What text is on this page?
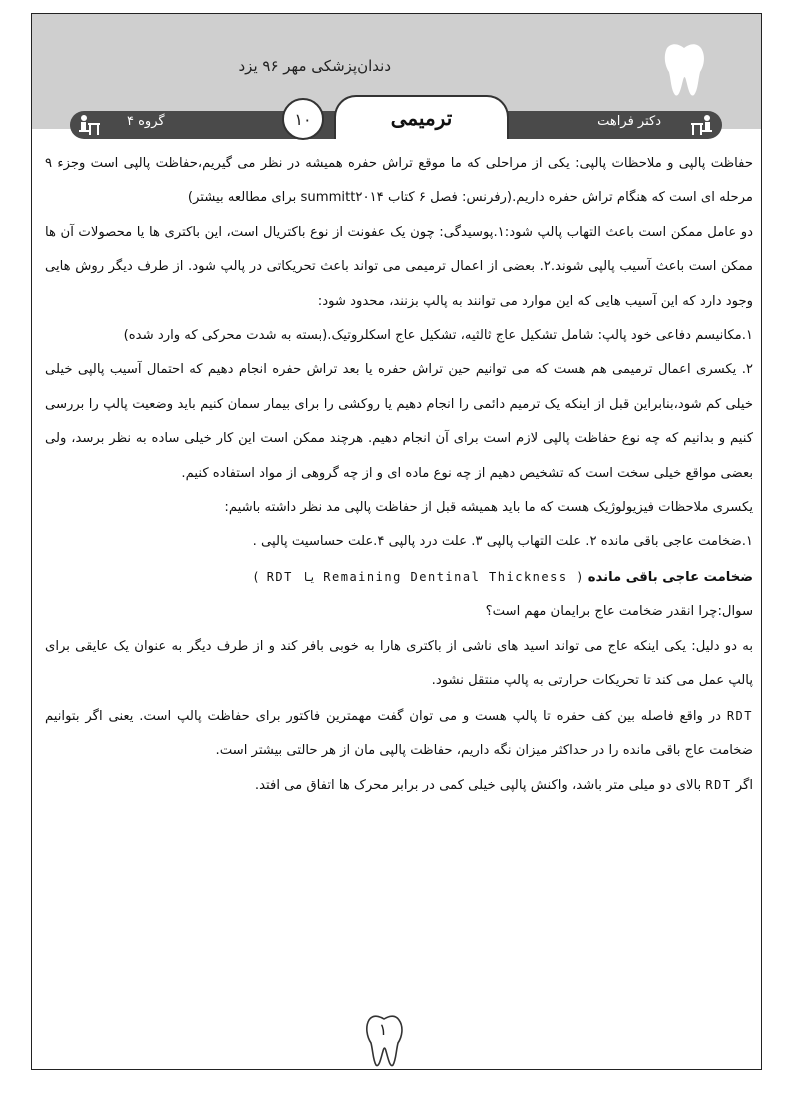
دندان‌پزشکی مهر ۹۶ یزد
گروه ۴	دکتر فراهت
۱۰	ترمیمی

حفاظت پالپی و ملاحظات پالپی: یکی از مراحلی که ما موقع تراش حفره همیشه در نظر می گیریم،حفاظت پالپی است وجزء ۹ مرحله ای است که هنگام تراش حفره داریم.(رفرنس: فصل ۶ کتاب summitt۲۰۱۴ برای مطالعه بیشتر)

دو عامل ممکن است باعث التهاب پالپ شود:۱.پوسیدگی: چون یک عفونت از نوع باکتریال است، این باکتری ها یا محصولات آن ها ممکن است باعث آسیب پالپی شوند.۲. بعضی از اعمال ترمیمی می تواند باعث تحریکاتی در پالپ شود. از طرف دیگر روش هایی وجود دارد که این آسیب هایی که این موارد می توانند به پالپ بزنند، محدود شود:

۱.مکانیسم دفاعی خود پالپ: شامل تشکیل عاج ثالثیه، تشکیل عاج اسکلروتیک.(بسته به شدت محرکی که وارد شده)

۲. یکسری اعمال ترمیمی هم هست که می توانیم حین تراش حفره یا بعد تراش حفره انجام دهیم که احتمال آسیب پالپی خیلی خیلی کم شود،بنابراین قبل از اینکه یک ترمیم دائمی را انجام دهیم یا روکشی را برای بیمار سمان کنیم باید وضعیت پالپ را بررسی کنیم و بدانیم که چه نوع حفاظت پالپی لازم است برای آن انجام دهیم. هرچند ممکن است این کار خیلی ساده به نظر برسد، ولی بعضی مواقع خیلی سخت است که تشخیص دهیم از چه نوع ماده ای و از چه گروهی از مواد استفاده کنیم.

یکسری ملاحظات فیزیولوژیک هست که ما باید همیشه قبل از حفاظت پالپی مد نظر داشته باشیم:

۱.ضخامت عاجی باقی مانده ۲. علت التهاب پالپی ۳. علت درد پالپی ۴.علت حساسیت پالپی .

ضخامت عاجی باقی مانده ( RDT یا Remaining Dentinal Thickness )

سوال:چرا انقدر ضخامت عاج برایمان مهم است؟

به دو دلیل: یکی اینکه عاج می تواند اسید های ناشی از باکتری هارا به خوبی بافر کند و از طرف دیگر به عنوان یک عایقی برای پالپ عمل می کند تا تحریکات حرارتی به پالپ منتقل نشود.

RDT در واقع فاصله بین کف حفره تا پالپ هست و می توان گفت مهمترین فاکتور برای حفاظت پالپ است. یعنی اگر بتوانیم ضخامت عاج باقی مانده را در حداکثر میزان نگه داریم، حفاظت پالپی مان از هر حالتی بیشتر است.

اگر RDT بالای دو میلی متر باشد، واکنش پالپی خیلی کمی در برابر محرک ها اتفاق می افتد.

۱
